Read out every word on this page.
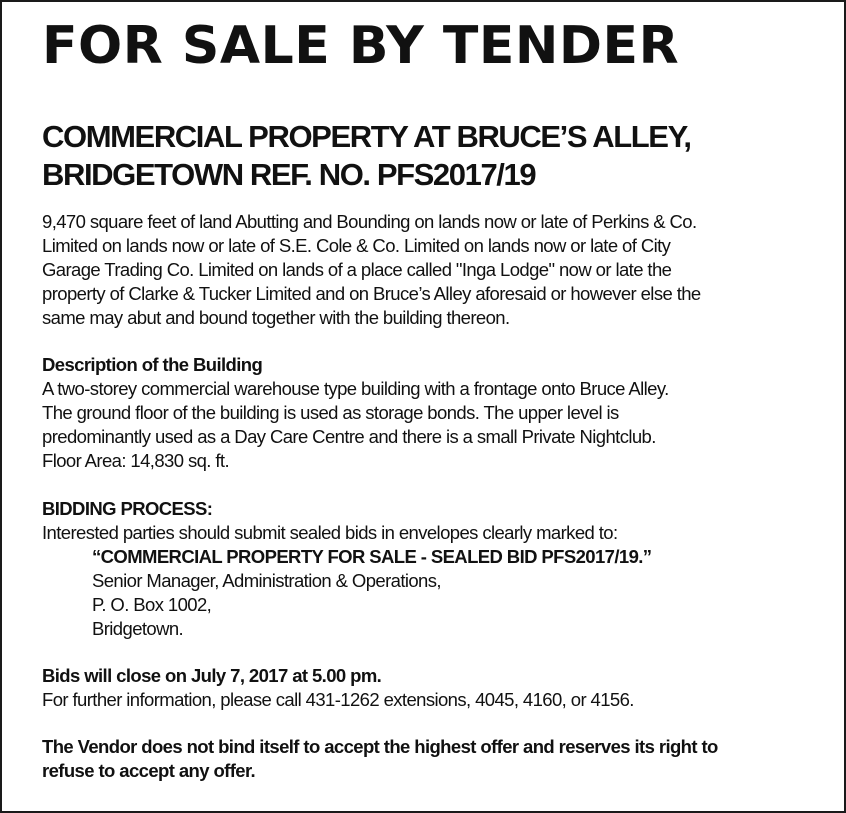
FOR SALE BY TENDER
COMMERCIAL PROPERTY AT BRUCE’S ALLEY,
BRIDGETOWN REF. NO. PFS2017/19
9,470 square feet of land Abutting and Bounding on lands now or late of Perkins & Co.
Limited on lands now or late of S.E. Cole & Co. Limited on lands now or late of City
Garage Trading Co. Limited on lands of a place called "Inga Lodge" now or late the
property of Clarke & Tucker Limited and on Bruce’s Alley aforesaid or however else the
same may abut and bound together with the building thereon.
Description of the Building
A two-storey commercial warehouse type building with a frontage onto Bruce Alley.
The ground floor of the building is used as storage bonds. The upper level is
predominantly used as a Day Care Centre and there is a small Private Nightclub.
Floor Area: 14,830 sq. ft.
BIDDING PROCESS:
Interested parties should submit sealed bids in envelopes clearly marked to:
“COMMERCIAL PROPERTY FOR SALE - SEALED BID PFS2017/19.”
Senior Manager, Administration & Operations,
P. O. Box 1002,
Bridgetown.
Bids will close on July 7, 2017 at 5.00 pm.
For further information, please call 431-1262 extensions, 4045, 4160, or 4156.
The Vendor does not bind itself to accept the highest offer and reserves its right to
refuse to accept any offer.
